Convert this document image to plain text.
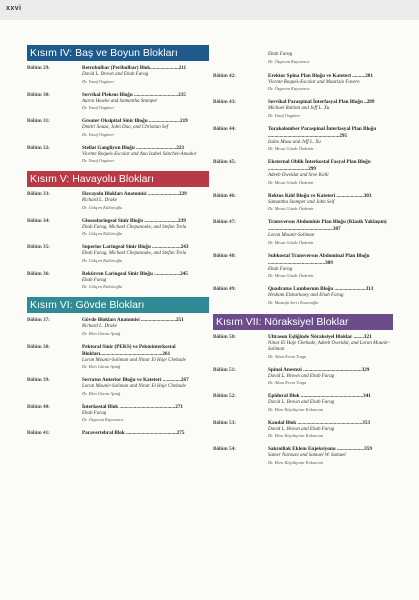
xxvi
Kısım IV: Baş ve Boyun Blokları
Bölüm 29:	Retrobulbar (Peribulbar) Blok......................211
David L. Brown and Ehab Farag
Dr. Yusuf Ozgüner
Bölüm 30:	Servikal Pleksus Bloğu ..................................215
Aaron Hawke and Samantha Stamper
Dr. Yusuf Ozgüner
Bölüm 31:	Greater Oksipital Sinir Bloğu ........................219
Dmitri Souza, John Dao, and Christian Sef
Dr. Yusuf Ozgüner
Bölüm 32:	Stellat Gangliyon Bloğu ...............................223
Vicente Roqués-Escolar and Ana Isabel Sánchez-Amador
Dr. Yusuf Ozgüner
Kısım V: Havayolu Blokları
Bölüm 33:	Havayolu Blokları Anatomisi ........................229
Richard L. Drake
Dr. Gökçen Kültüroğlu
Bölüm 34:	Glossofaringeal Sinir Bloğu ..........................239
Ehab Farag, Michael Chepanoske, and Stefan Trela
Dr. Gökçen Kültüroğlu
Bölüm 35:	Superior Laringeal Sinir Bloğu ......................243
Ehab Farag, Michael Chepanoske, and Stefan Trela
Dr. Gökçen Kültüroğlu
Bölüm 36:	Rekürren Laringeal Sinir Bloğu ....................245
Ehab Farag
Dr. Gökçen Kültüroğlu
Kısım VI: Gövde Blokları
Bölüm 37:	Gövde Blokları Anatomisi ...........................251
Richard L. Drake
Dr. Ekin Güran Aytuğ
Bölüm 38:	Pektoral Sinir (PEKS) ve Pektointerkostal Blokları................................................261
Loran Mounir-Soliman and Ninar El Haje Chehade
Dr. Ekin Güran Aytuğ
Bölüm 39:	Serratus Anterior Bloğu ve Kateteri ..............267
Loran Mounir-Soliman and Ninar El Haje Chehade
Dr. Ekin Güran Aytuğ
Bölüm 40:	İnterkostal Blok ...........................................271
Ehab Farag
Dr. Özgecan Kayınarca
Bölüm 41:	Paravertebral Blok .......................................275
Ehab Farag
Dr. Özgecan Kayınarca
Bölüm 42:	Erektor Spina Plan Bloğu ve Kateteri ..........281
Vicente Roqués-Escolar and Maurizio Favero
Dr. Özgecan Kayınarca
Bölüm 43:	Servikal Paraspinal İnterfasyal Plan Bloğu ..289
Michael Rahimi and Jeff L. Xu
Dr. Yusuf Ozgüner
Bölüm 44:	Torakolomber Paraspinal İnterfasyal Plan Bloğu .......................................................295
Izabo Musa and Jeff L. Xu
Dr. Mesut Gözde Özdemir
Bölüm 45:	Eksternal Oblik İnterkostal Fasyal Plan Bloğu ...............................299
Adeeb Oweidat and Sree Kolli
Dr. Mesut Gözde Özdemir
Bölüm 46:	Rektus Kılıf Bloğu ve Kateteri .....................303
Samantha Stamper and John Seif
Dr. Mesut Gözde Özdemir
Bölüm 47:	Transversus Abdominis Plan Bloğu (Klasik Yaklaşım) ..................................................307
Loran Mounir-Soliman
Dr. Mesut Gözde Özdemir
Bölüm 48:	Subkostal Transversus Abdominal Plan Bloğu ............................................309
Ehab Farag
Dr. Mesut Gözde Özdemir
Bölüm 49:	Quadratus Lumborum Bloğu ........................313
Hesham Elsharkawy and Ehab Farag
Dr. Mustafa Serrı Kotanoğlu
Kısım VII: Nöraksiyel Bloklar
Bölüm 50:	Ultrason Eşliğinde Nöraksiyel Bloklar ........321
Ninar El Haje Chehade, Adeeb Oweidat, and Loran Mounir-Soliman
Dr. Altan Ecem Tınga
Bölüm 51:	Spinal Anestezi .............................................329
David L. Brown and Ehab Farag
Dr. Altan Ecem Tınga
Bölüm 52:	Epidural Blok ................................................341
David L. Brown and Ehab Farag
Dr. Ebru Küçükçetar Kokarcan
Bölüm 53:	Kaudal Blok ..................................................353
David L. Brown and Ehab Farag
Dr. Ebru Küçükçetar Kokarcan
Bölüm 54:	Sakroiliak Eklem Enjeksiyonu .....................359
Samer Narouze and Samuel W. Samuel
Dr. Ebru Küçükçetar Kokarcan
